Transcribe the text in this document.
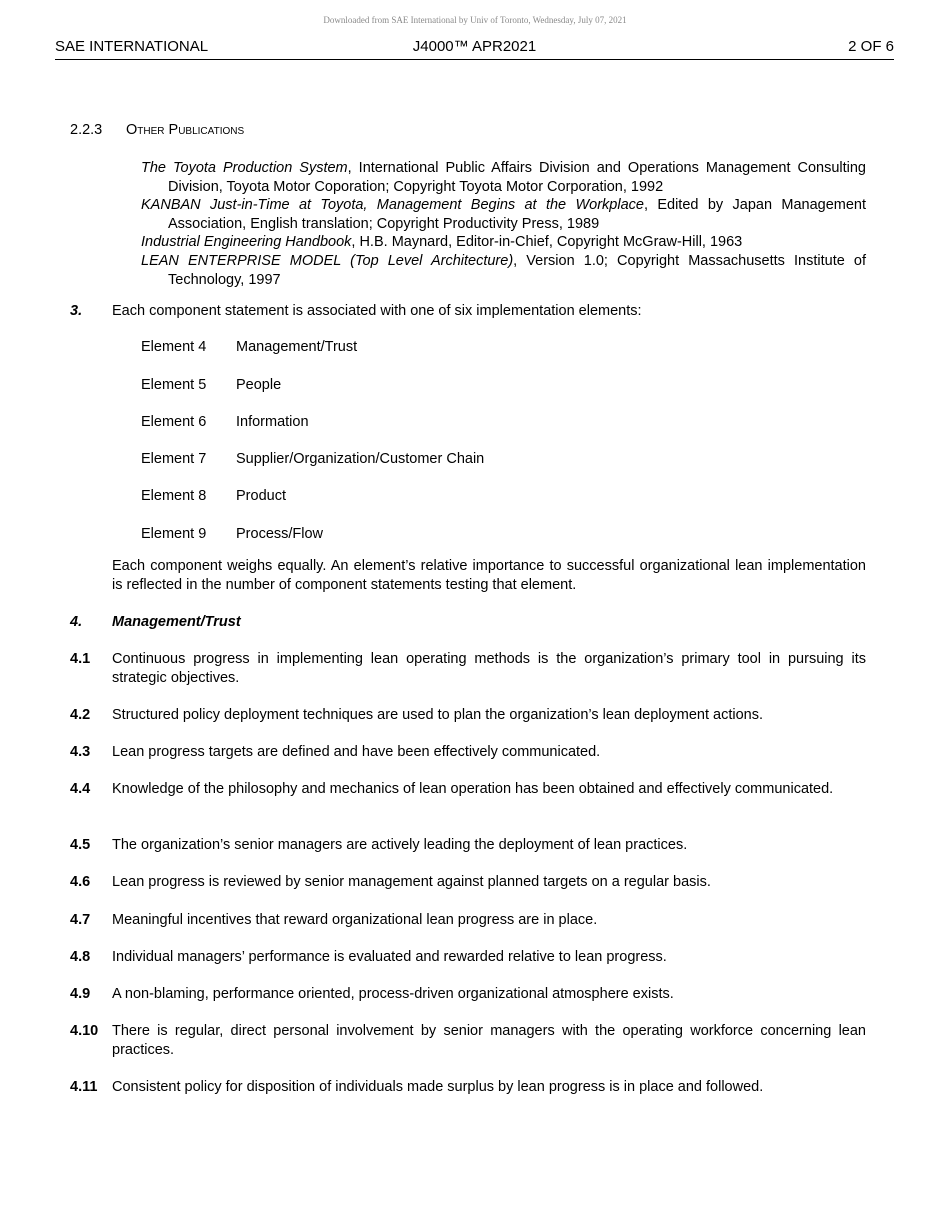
Downloaded from SAE International by Univ of Toronto, Wednesday, July 07, 2021
SAE INTERNATIONAL	J4000™ APR2021	2 OF 6
2.2.3 Other Publications
The Toyota Production System, International Public Affairs Division and Operations Management Consulting Division, Toyota Motor Coporation; Copyright Toyota Motor Corporation, 1992
KANBAN Just-in-Time at Toyota, Management Begins at the Workplace, Edited by Japan Management Association, English translation; Copyright Productivity Press, 1989
Industrial Engineering Handbook, H.B. Maynard, Editor-in-Chief, Copyright McGraw-Hill, 1963
LEAN ENTERPRISE MODEL (Top Level Architecture), Version 1.0; Copyright Massachusetts Institute of Technology, 1997
3. Each component statement is associated with one of six implementation elements:
Element 4 Management/Trust
Element 5 People
Element 6 Information
Element 7 Supplier/Organization/Customer Chain
Element 8 Product
Element 9 Process/Flow
Each component weighs equally. An element’s relative importance to successful organizational lean implementation is reflected in the number of component statements testing that element.
4. Management/Trust
4.1 Continuous progress in implementing lean operating methods is the organization’s primary tool in pursuing its strategic objectives.
4.2 Structured policy deployment techniques are used to plan the organization’s lean deployment actions.
4.3 Lean progress targets are defined and have been effectively communicated.
4.4 Knowledge of the philosophy and mechanics of lean operation has been obtained and effectively communicated.
4.5 The organization’s senior managers are actively leading the deployment of lean practices.
4.6 Lean progress is reviewed by senior management against planned targets on a regular basis.
4.7 Meaningful incentives that reward organizational lean progress are in place.
4.8 Individual managers’ performance is evaluated and rewarded relative to lean progress.
4.9 A non-blaming, performance oriented, process-driven organizational atmosphere exists.
4.10 There is regular, direct personal involvement by senior managers with the operating workforce concerning lean practices.
4.11 Consistent policy for disposition of individuals made surplus by lean progress is in place and followed.
